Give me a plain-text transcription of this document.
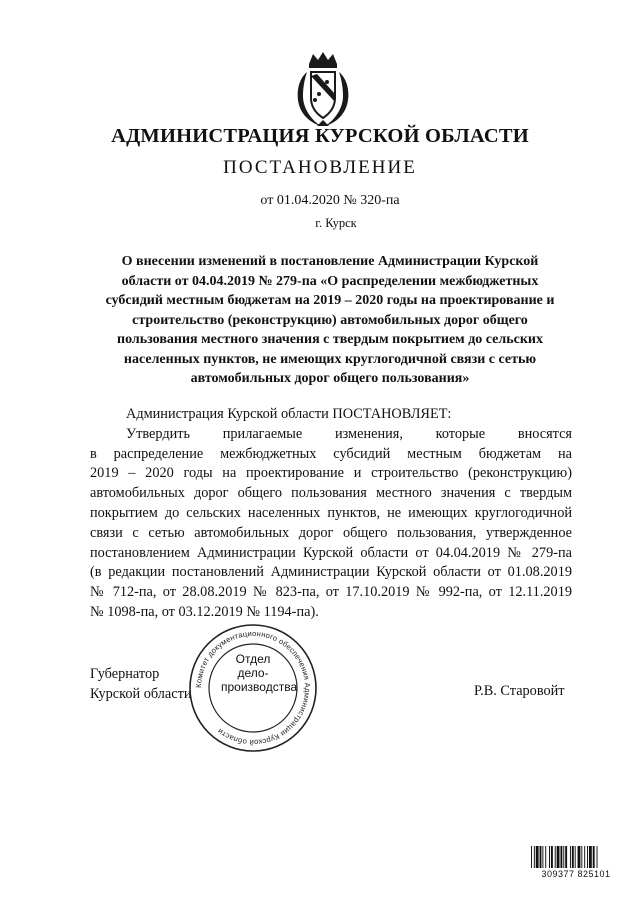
АДМИНИСТРАЦИЯ КУРСКОЙ ОБЛАСТИ
ПОСТАНОВЛЕНИЕ
от 01.04.2020 № 320-па
г. Курск
О внесении изменений в постановление Администрации Курской
области от 04.04.2019 № 279-па «О распределении межбюджетных
субсидий местным бюджетам на 2019 – 2020 годы на проектирование и
строительство (реконструкцию) автомобильных дорог общего
пользования местного значения с твердым покрытием до сельских
населенных пунктов, не имеющих круглогодичной связи с сетью
автомобильных дорог общего пользования»
Администрация Курской области ПОСТАНОВЛЯЕТ:
Утвердить прилагаемые изменения, которые вносятся
в распределение межбюджетных субсидий местным бюджетам на
2019 – 2020 годы на проектирование и строительство (реконструкцию)
автомобильных дорог общего пользования местного значения с твердым
покрытием до сельских населенных пунктов, не имеющих круглогодичной
связи с сетью автомобильных дорог общего пользования, утвержденное
постановлением Администрации Курской области от 04.04.2019 № 279-па
(в редакции постановлений Администрации Курской области от 01.08.2019
№ 712-па, от 28.08.2019 № 823-па, от 17.10.2019 № 992-па, от 12.11.2019
№ 1098-па, от 03.12.2019 № 1194-па).
Губернатор
Курской области	Р.В. Старовойт
Комитет документационного обеспечения Администрации Курской области
Отдел
дело-
производства
309377 825101
